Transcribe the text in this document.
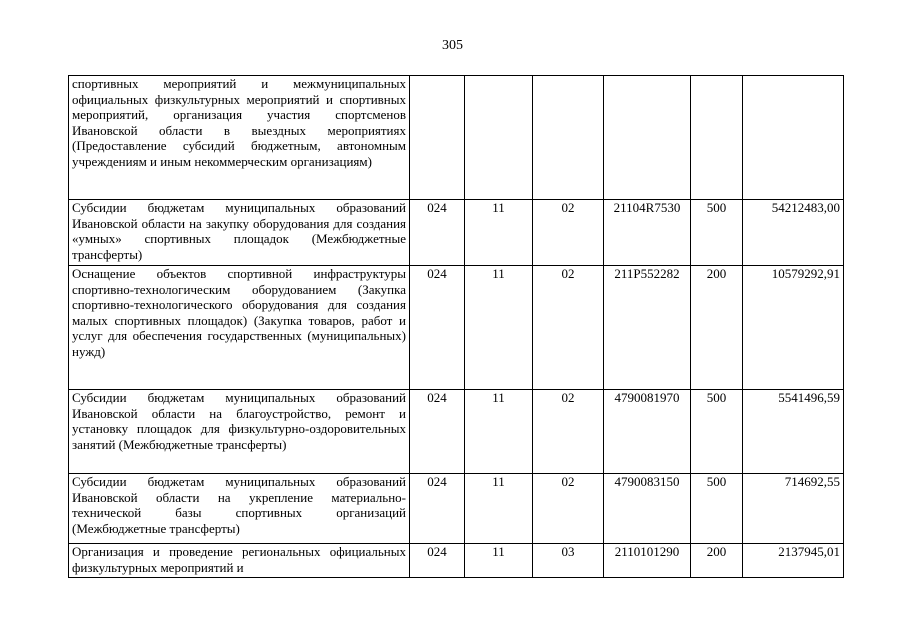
305
спортивных мероприятий и межмуниципальных официальных физкультурных мероприятий и спортивных мероприятий, организация участия спортсменов Ивановской области в выездных мероприятиях (Предоставление субсидий бюджетным, автономным учреждениям и иным некоммерческим организациям)						
Субсидии бюджетам муниципальных образований Ивановской области на закупку оборудования для создания «умных» спортивных площадок (Межбюджетные трансферты)	024	11	02	21104R7530	500	54212483,00
Оснащение объектов спортивной инфраструктуры спортивно-технологическим оборудованием (Закупка спортивно-технологического оборудования для создания малых спортивных площадок) (Закупка товаров, работ и услуг для обеспечения государственных (муниципальных) нужд)	024	11	02	211P552282	200	10579292,91
Субсидии бюджетам муниципальных образований Ивановской области на благоустройство, ремонт и установку площадок для физкультурно-оздоровительных занятий (Межбюджетные трансферты)	024	11	02	4790081970	500	5541496,59
Субсидии бюджетам муниципальных образований Ивановской области на укрепление материально-технической базы спортивных организаций (Межбюджетные трансферты)	024	11	02	4790083150	500	714692,55
Организация и проведение региональных официальных физкультурных мероприятий и	024	11	03	2110101290	200	2137945,01
